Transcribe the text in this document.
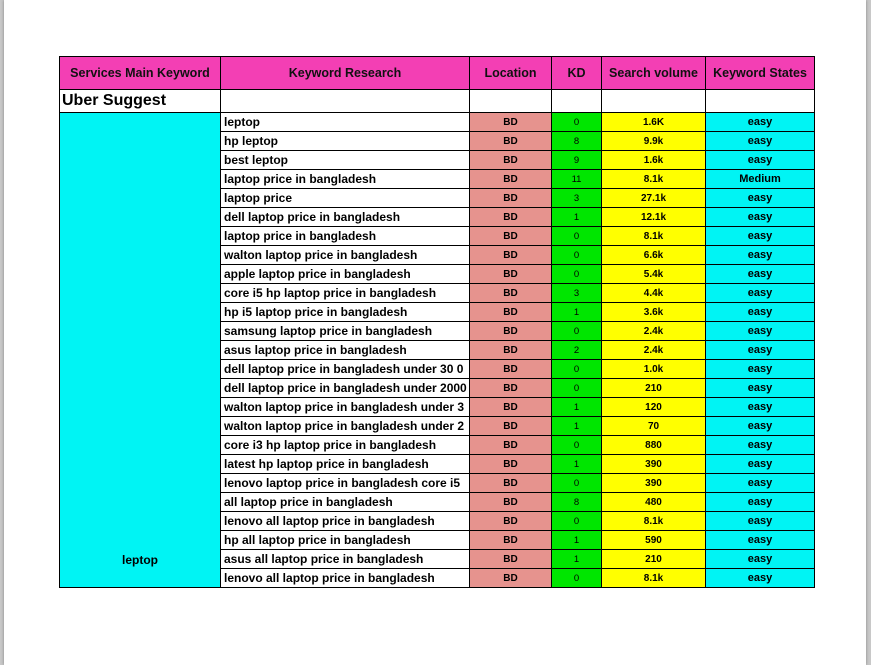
Services Main Keyword	Keyword Research	Location	KD	Search volume	Keyword States
Uber Suggest					
leptop	leptop	BD	0	1.6K	easy
	hp leptop	BD	8	9.9k	easy
	best leptop	BD	9	1.6k	easy
	laptop price in bangladesh	BD	11	8.1k	Medium
	laptop price	BD	3	27.1k	easy
	dell laptop price in bangladesh	BD	1	12.1k	easy
	laptop price in bangladesh	BD	0	8.1k	easy
	walton laptop price in bangladesh	BD	0	6.6k	easy
	apple laptop price in bangladesh	BD	0	5.4k	easy
	core i5 hp laptop price in bangladesh	BD	3	4.4k	easy
	hp i5 laptop price in bangladesh	BD	1	3.6k	easy
	samsung laptop price in bangladesh	BD	0	2.4k	easy
	asus laptop price in bangladesh	BD	2	2.4k	easy
	dell laptop price in bangladesh under 30 0	BD	0	1.0k	easy
	dell laptop price in bangladesh under 2000	BD	0	210	easy
	walton laptop price in bangladesh under 3	BD	1	120	easy
	walton laptop price in bangladesh under 2	BD	1	70	easy
	core i3 hp laptop price in bangladesh	BD	0	880	easy
	latest hp laptop price in bangladesh	BD	1	390	easy
	lenovo laptop price in bangladesh core i5	BD	0	390	easy
	all laptop price in bangladesh	BD	8	480	easy
	lenovo all laptop price in bangladesh	BD	0	8.1k	easy
	hp all laptop price in bangladesh	BD	1	590	easy
	asus all laptop price in bangladesh	BD	1	210	easy
	lenovo all laptop price in bangladesh	BD	0	8.1k	easy
